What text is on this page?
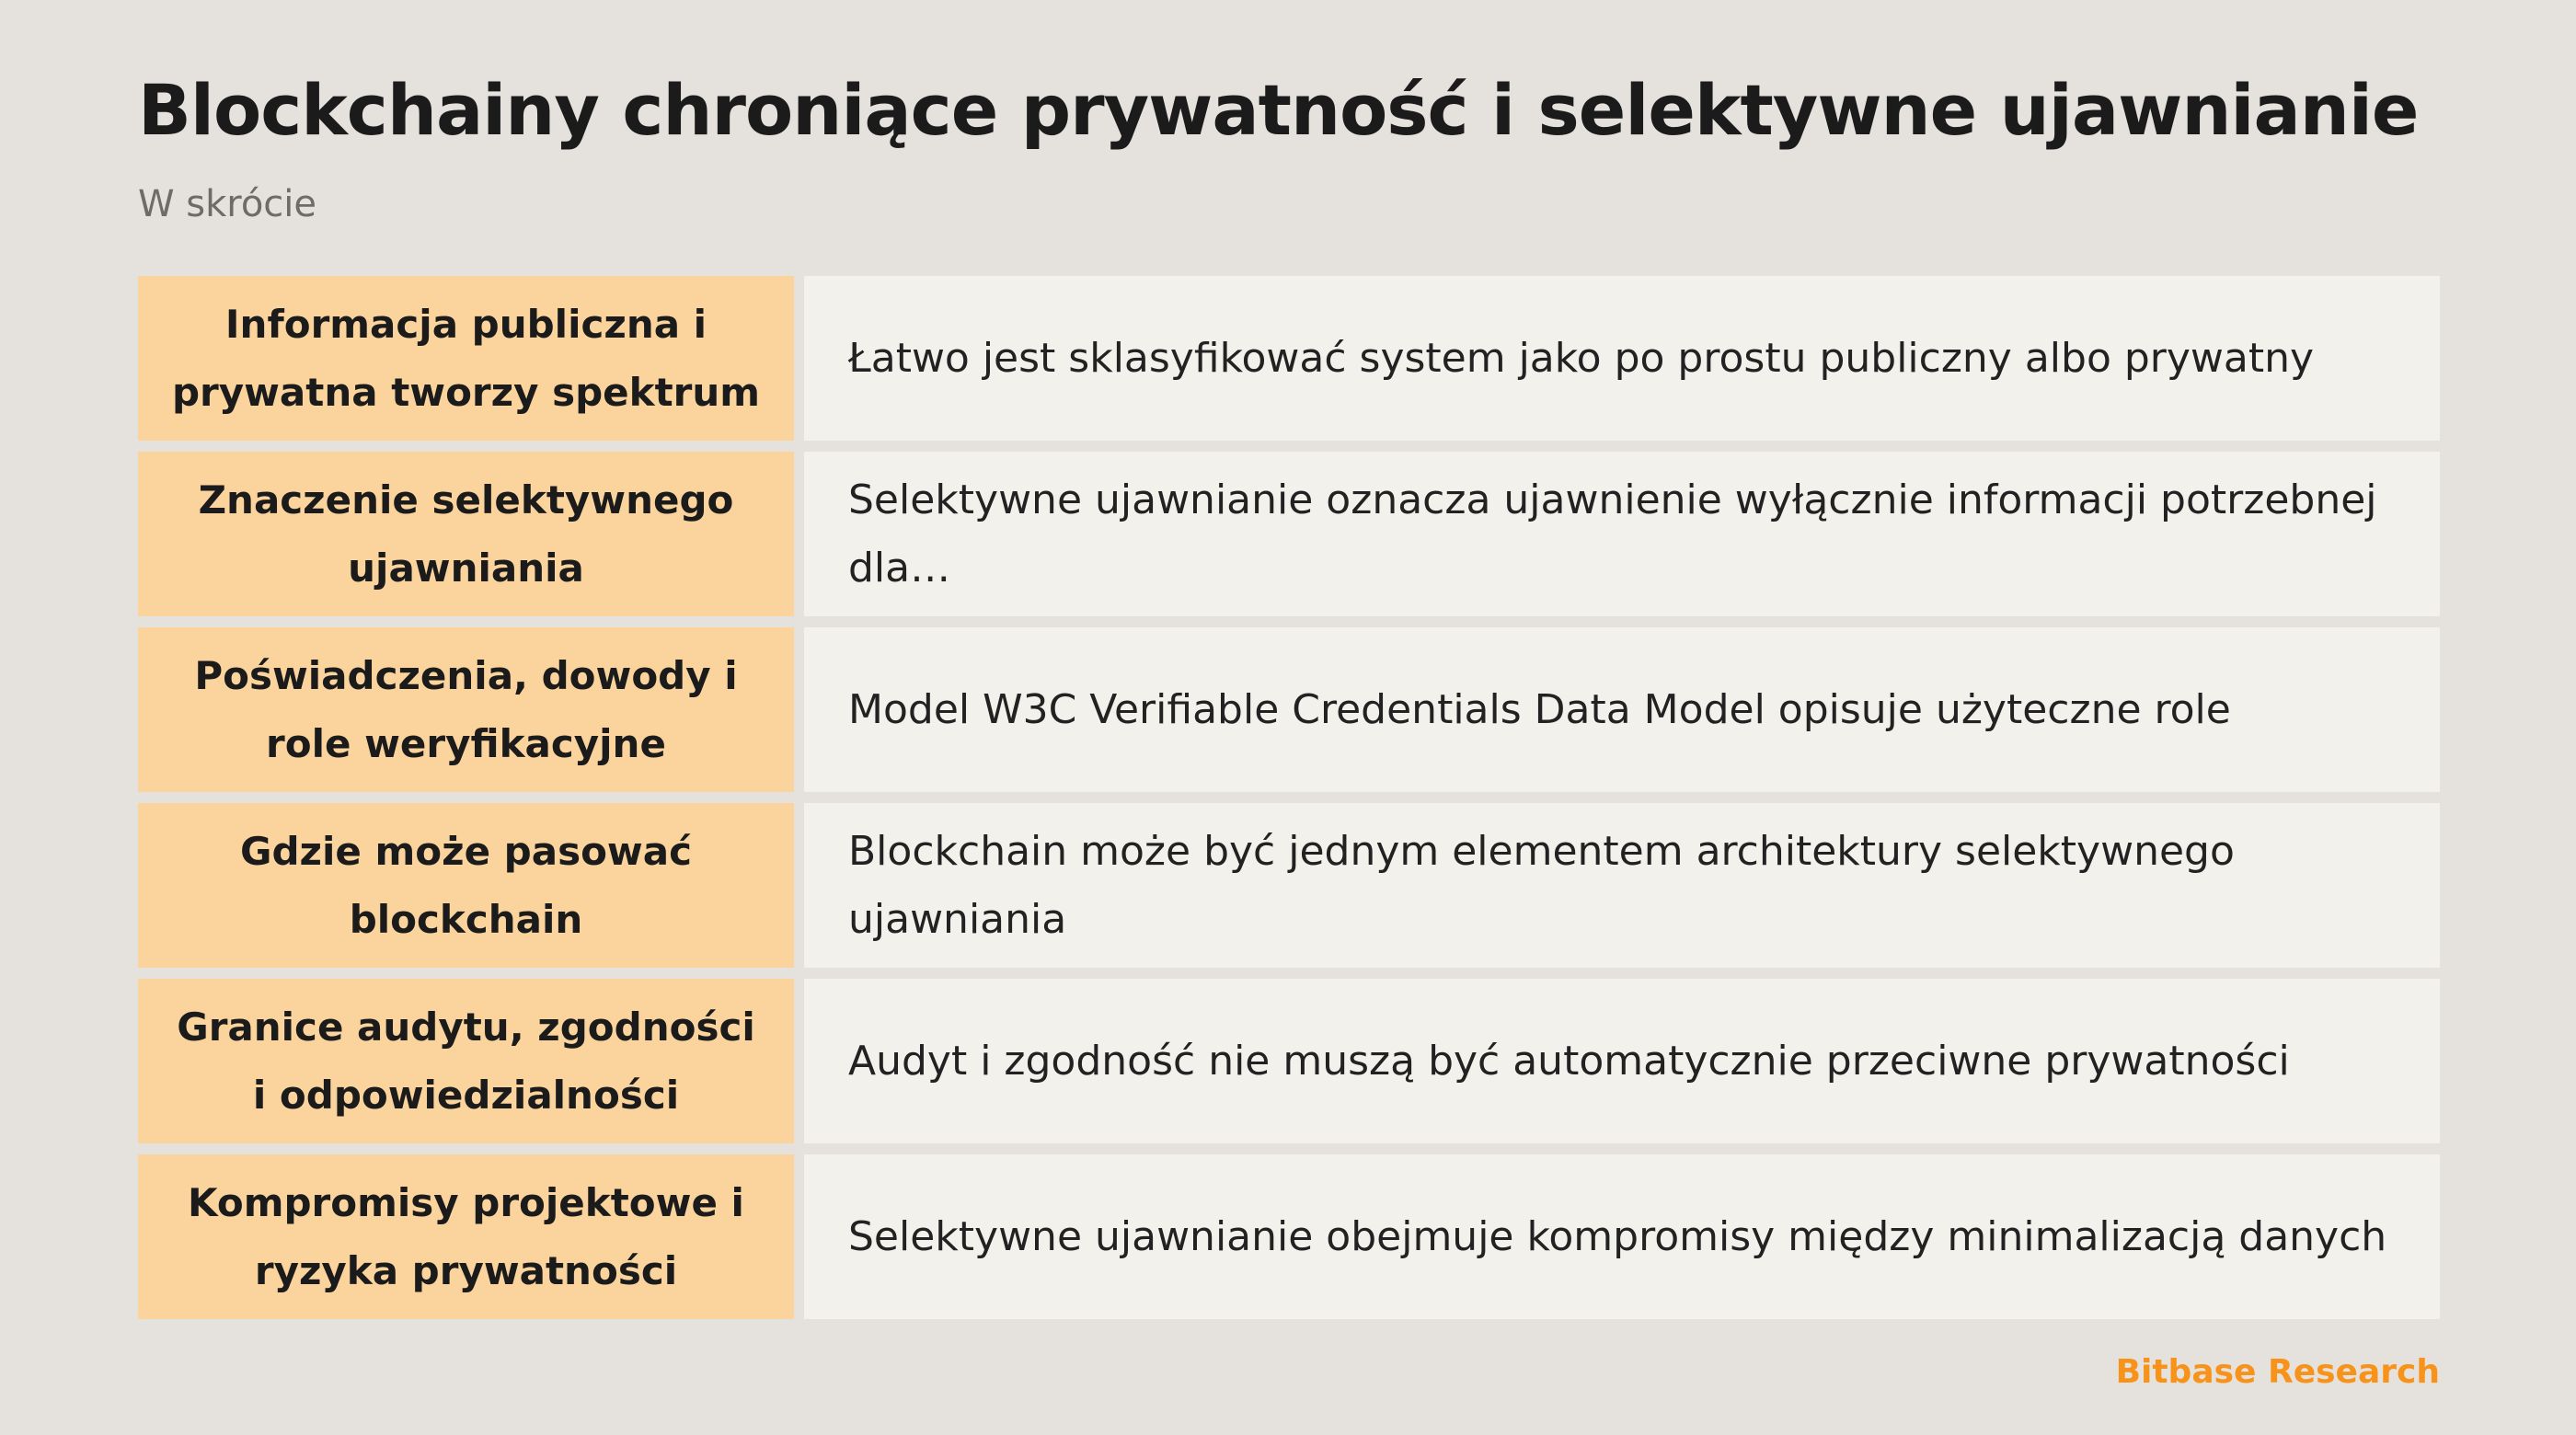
Blockchainy chroniące prywatność i selektywne ujawnianie

W skrócie

Informacja publiczna i prywatna tworzy spektrum
Łatwo jest sklasyfikować system jako po prostu publiczny albo prywatny
Znaczenie selektywnego ujawniania
Selektywne ujawnianie oznacza ujawnienie wyłącznie informacji potrzebnej dla…
Poświadczenia, dowody i role weryfikacyjne
Model W3C Verifiable Credentials Data Model opisuje użyteczne role
Gdzie może pasować blockchain
Blockchain może być jednym elementem architektury selektywnego ujawniania
Granice audytu, zgodności i odpowiedzialności
Audyt i zgodność nie muszą być automatycznie przeciwne prywatności
Kompromisy projektowe i ryzyka prywatności
Selektywne ujawnianie obejmuje kompromisy między minimalizacją danych

Bitbase Research
